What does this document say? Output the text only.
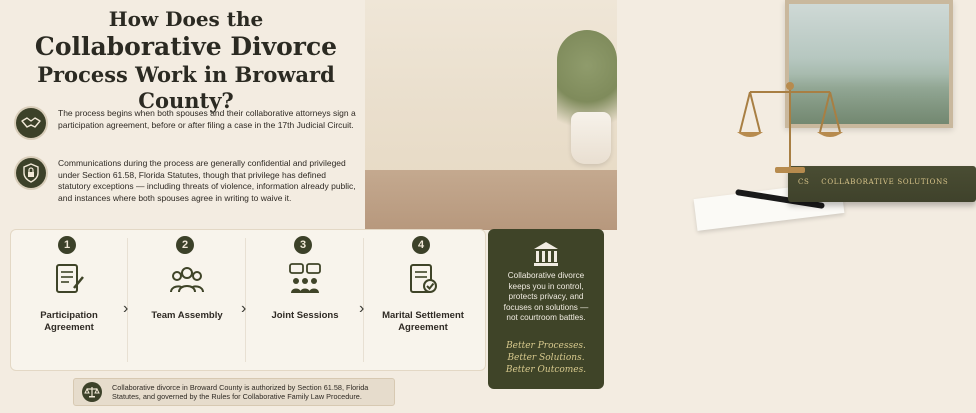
CS COLLABORATIVE SOLUTIONS
How Does the
Collaborative Divorce
Process Work in Broward County?
The process begins when both spouses and their collaborative attorneys sign a participation agreement, before or after filing a case in the 17th Judicial Circuit.
Communications during the process are generally confidential and privileged under Section 61.58, Florida Statutes, though that privilege has defined statutory exceptions — including threats of violence, information already public, and instances where both spouses agree in writing to waive it.
1
Participation Agreement
›
2
Team Assembly	›
3
Joint Sessions	›
4
Marital Settlement Agreement
Collaborative divorce keeps you in control, protects privacy, and focuses on solutions — not courtroom battles.
Better Processes.
Better Solutions.
Better Outcomes.
Collaborative divorce in Broward County is authorized by Section 61.58, Florida Statutes, and governed by the Rules for Collaborative Family Law Procedure.
